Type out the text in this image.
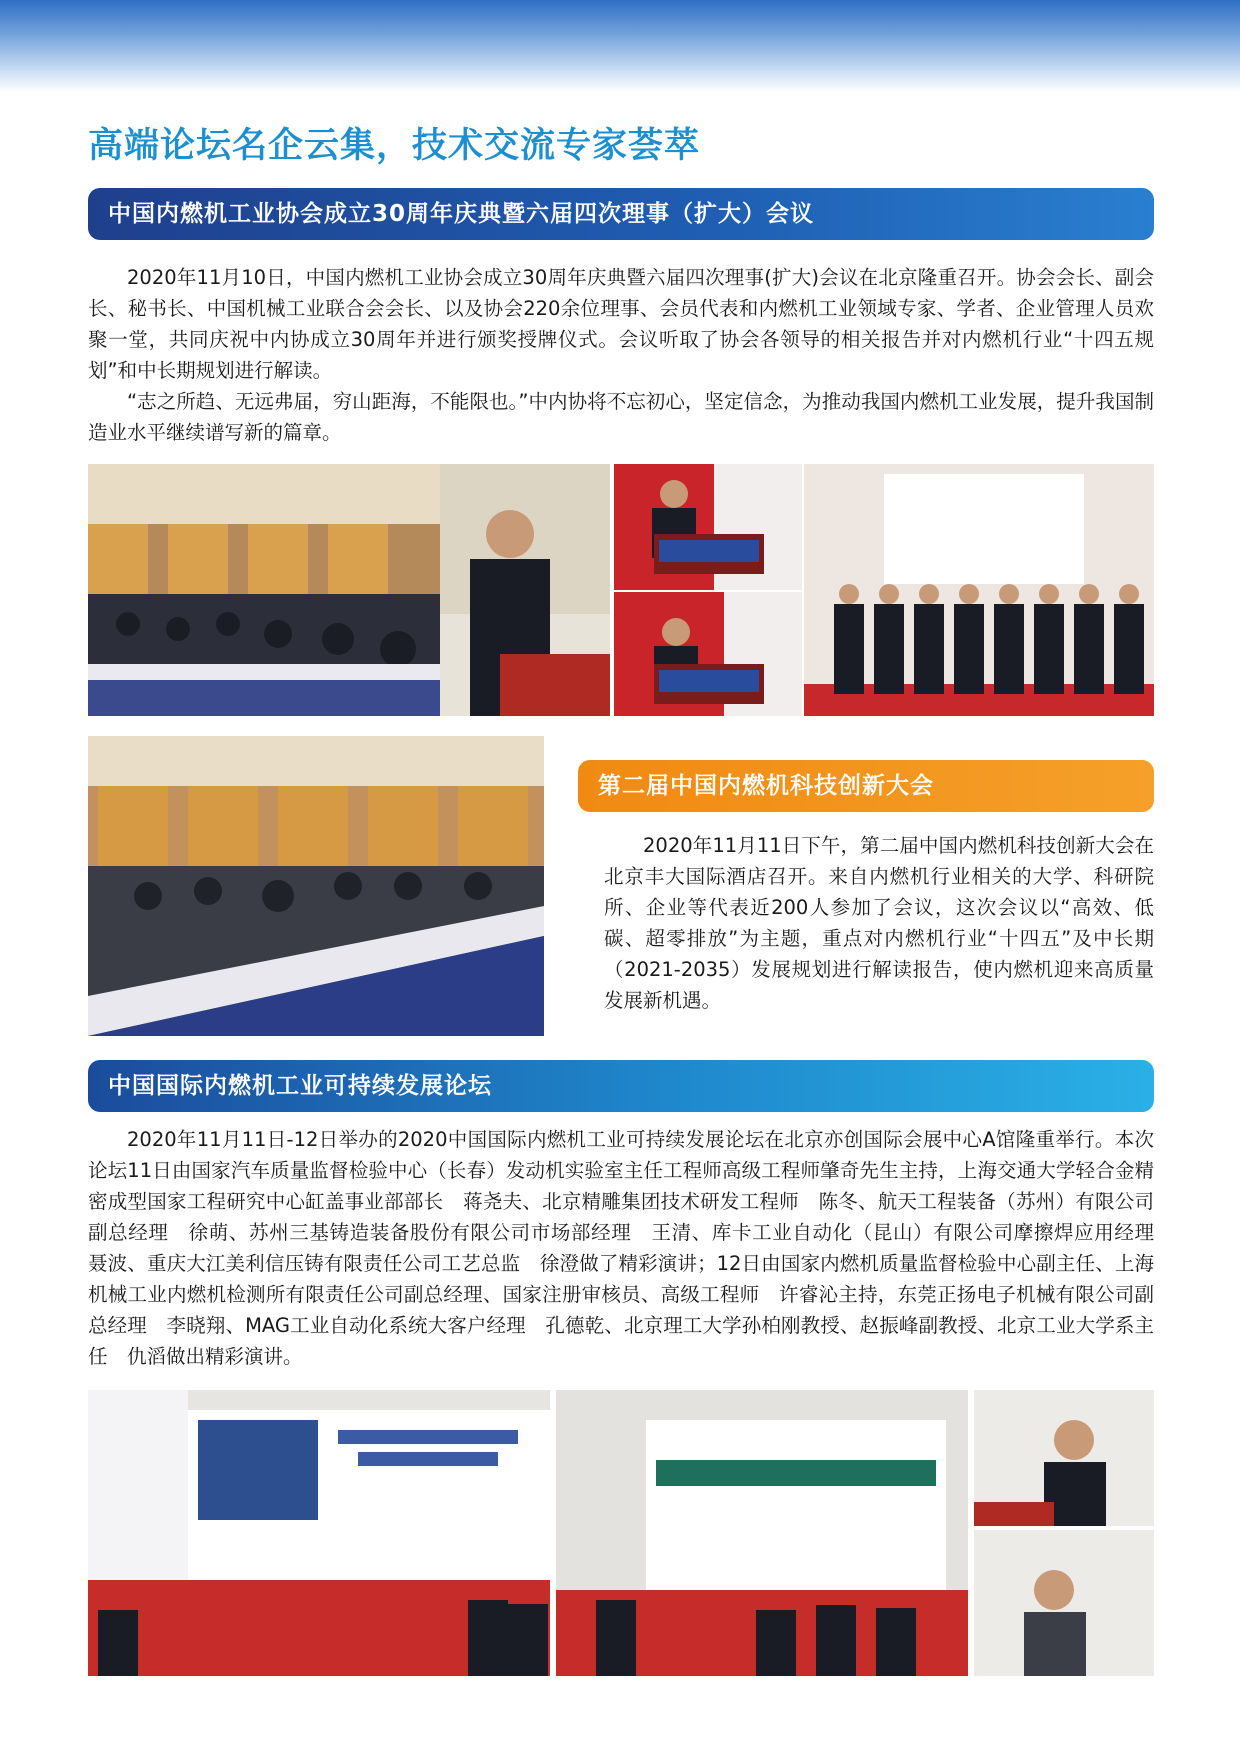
高端论坛名企云集，技术交流专家荟萃
中国内燃机工业协会成立30周年庆典暨六届四次理事（扩大）会议

2020年11月10日，中国内燃机工业协会成立30周年庆典暨六届四次理事(扩大)会议在北京隆重召开。协会会长、副会长、秘书长、中国机械工业联合会会长、以及协会220余位理事、会员代表和内燃机工业领域专家、学者、企业管理人员欢聚一堂，共同庆祝中内协成立30周年并进行颁奖授牌仪式。会议听取了协会各领导的相关报告并对内燃机行业“十四五规划”和中长期规划进行解读。

“志之所趋、无远弗届，穷山距海，不能限也。”中内协将不忘初心，坚定信念，为推动我国内燃机工业发展，提升我国制造业水平继续谱写新的篇章。

第二届中国内燃机科技创新大会

2020年11月11日下午，第二届中国内燃机科技创新大会在北京丰大国际酒店召开。来自内燃机行业相关的大学、科研院所、企业等代表近200人参加了会议，这次会议以“高效、低碳、超零排放”为主题，重点对内燃机行业“十四五”及中长期（2021-2035）发展规划进行解读报告，使内燃机迎来高质量发展新机遇。

中国国际内燃机工业可持续发展论坛

2020年11月11日-12日举办的2020中国国际内燃机工业可持续发展论坛在北京亦创国际会展中心A馆隆重举行。本次论坛11日由国家汽车质量监督检验中心（长春）发动机实验室主任工程师高级工程师肇奇先生主持，上海交通大学轻合金精密成型国家工程研究中心缸盖事业部部长　蒋尧夫、北京精雕集团技术研发工程师　陈冬、航天工程装备（苏州）有限公司副总经理　徐萌、苏州三基铸造装备股份有限公司市场部经理　王清、库卡工业自动化（昆山）有限公司摩擦焊应用经理　聂波、重庆大江美利信压铸有限责任公司工艺总监　徐澄做了精彩演讲；12日由国家内燃机质量监督检验中心副主任、上海机械工业内燃机检测所有限责任公司副总经理、国家注册审核员、高级工程师　许睿沁主持，东莞正扬电子机械有限公司副总经理　李晓翔、MAG工业自动化系统大客户经理　孔德乾、北京理工大学孙柏刚教授、赵振峰副教授、北京工业大学系主任　仇滔做出精彩演讲。
